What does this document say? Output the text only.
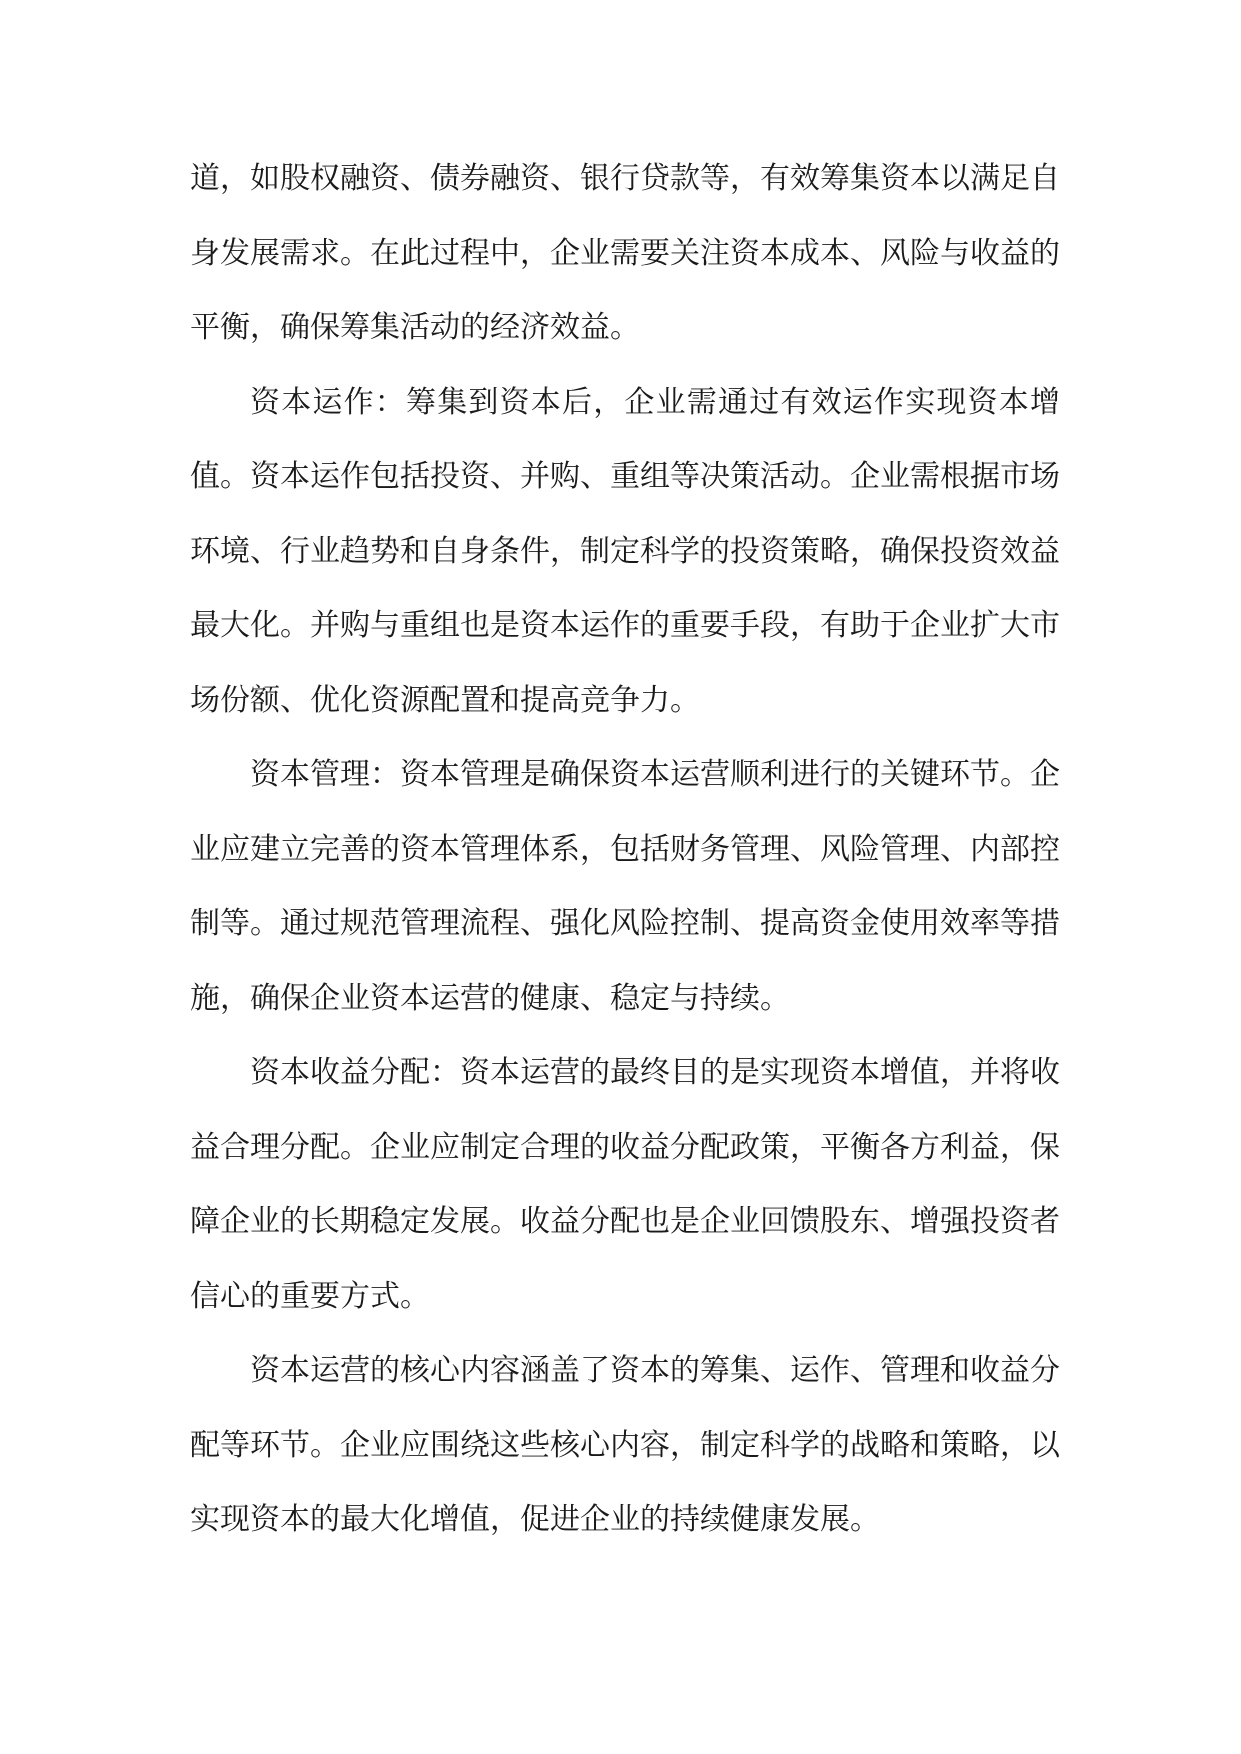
道，如股权融资、债券融资、银行贷款等，有效筹集资本以满足自身发展需求。在此过程中，企业需要关注资本成本、风险与收益的平衡，确保筹集活动的经济效益。

资本运作：筹集到资本后，企业需通过有效运作实现资本增值。资本运作包括投资、并购、重组等决策活动。企业需根据市场环境、行业趋势和自身条件，制定科学的投资策略，确保投资效益最大化。并购与重组也是资本运作的重要手段，有助于企业扩大市场份额、优化资源配置和提高竞争力。

资本管理：资本管理是确保资本运营顺利进行的关键环节。企业应建立完善的资本管理体系，包括财务管理、风险管理、内部控制等。通过规范管理流程、强化风险控制、提高资金使用效率等措施，确保企业资本运营的健康、稳定与持续。

资本收益分配：资本运营的最终目的是实现资本增值，并将收益合理分配。企业应制定合理的收益分配政策，平衡各方利益，保障企业的长期稳定发展。收益分配也是企业回馈股东、增强投资者信心的重要方式。

资本运营的核心内容涵盖了资本的筹集、运作、管理和收益分配等环节。企业应围绕这些核心内容，制定科学的战略和策略，以实现资本的最大化增值，促进企业的持续健康发展。
